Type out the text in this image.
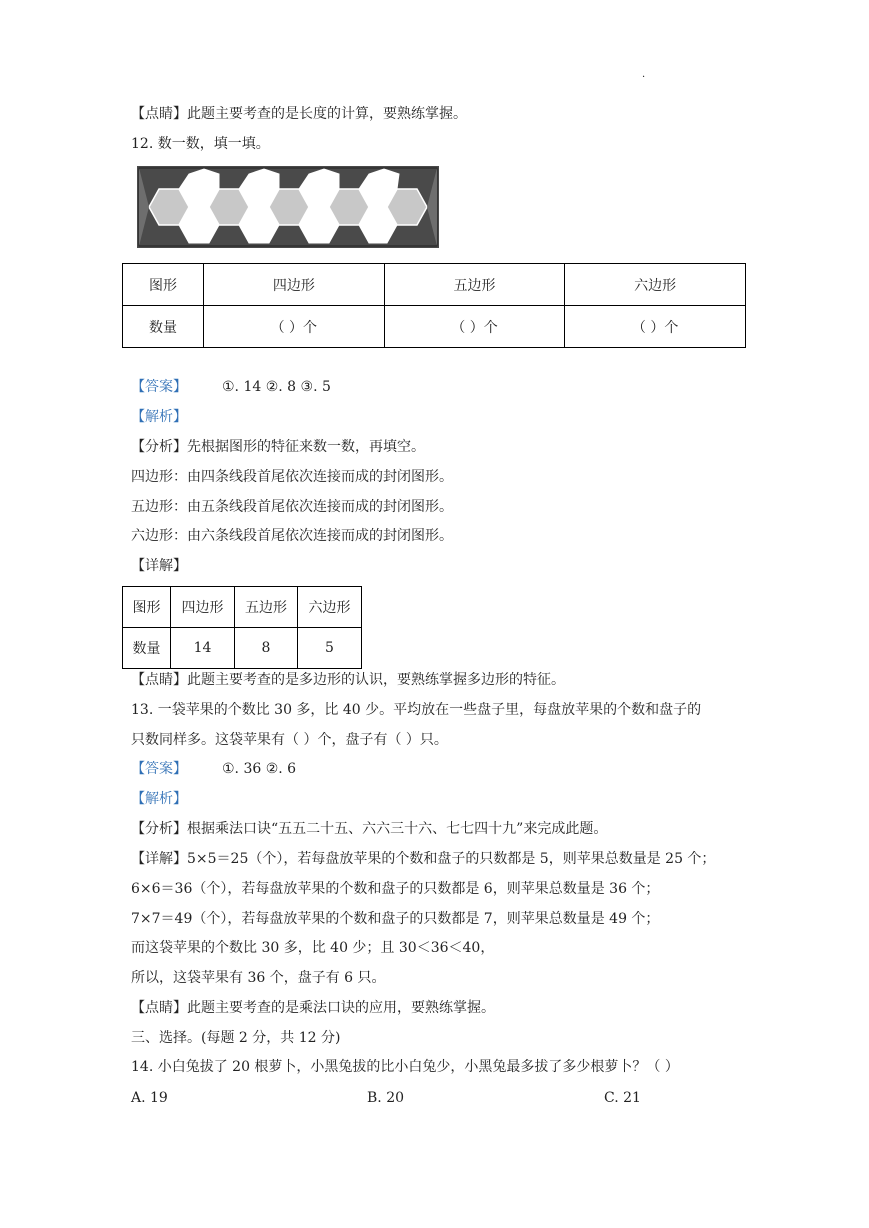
·
【点睛】此题主要考查的是长度的计算，要熟练掌握。
12. 数一数，填一填。
图形	四边形	五边形	六边形
数量	（ ）个	（ ）个	（ ）个
【答案】	①. 14 ②. 8 ③. 5
【解析】
【分析】先根据图形的特征来数一数，再填空。
四边形：由四条线段首尾依次连接而成的封闭图形。
五边形：由五条线段首尾依次连接而成的封闭图形。
六边形：由六条线段首尾依次连接而成的封闭图形。
【详解】
图形	四边形	五边形	六边形
数量	14	8	5
【点睛】此题主要考查的是多边形的认识，要熟练掌握多边形的特征。
13. 一袋苹果的个数比 30 多，比 40 少。平均放在一些盘子里，每盘放苹果的个数和盘子的
只数同样多。这袋苹果有（ ）个，盘子有（ ）只。
【答案】	①. 36 ②. 6
【解析】
【分析】根据乘法口诀“五五二十五、六六三十六、七七四十九”来完成此题。
【详解】5×5＝25（个），若每盘放苹果的个数和盘子的只数都是 5，则苹果总数量是 25 个；
6×6＝36（个），若每盘放苹果的个数和盘子的只数都是 6，则苹果总数量是 36 个；
7×7＝49（个），若每盘放苹果的个数和盘子的只数都是 7，则苹果总数量是 49 个；
而这袋苹果的个数比 30 多，比 40 少；且 30＜36＜40，
所以，这袋苹果有 36 个，盘子有 6 只。
【点睛】此题主要考查的是乘法口诀的应用，要熟练掌握。
三、选择。(每题 2 分，共 12 分)
14. 小白兔拔了 20 根萝卜，小黑兔拔的比小白兔少，小黑兔最多拔了多少根萝卜？（ ）
A. 19	B. 20	C. 21
